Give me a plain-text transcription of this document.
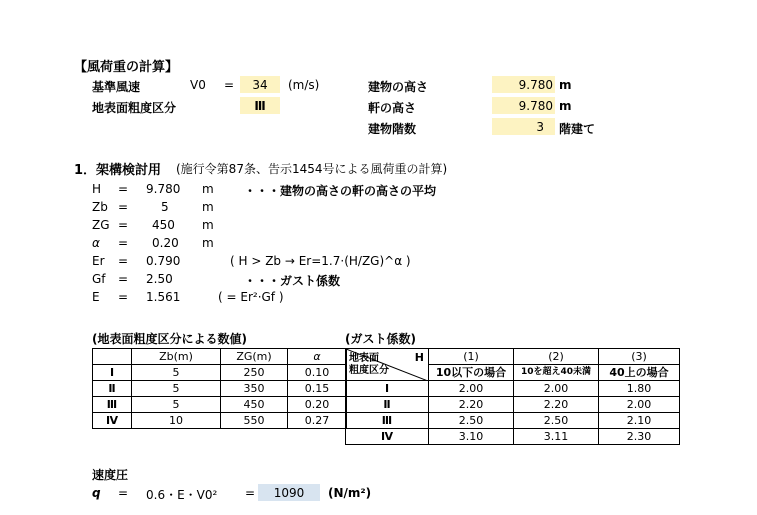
【風荷重の計算】
基準風速	V0 =	34	(m/s)
地表面粗度区分	Ⅲ
建物の高さ	9.780 m
軒の高さ	9.780 m
建物階数	3 階建て
1．架構検討用 (施行令第87条、告示1454号による風荷重の計算)
H = 9.780 m	・・・建物の高さの軒の高さの平均
Zb =	5	m
ZG = 450 m
α = 0.20 m
Er = 0.790	( H > Zb → Er=1.7·(H/ZG)^α )
Gf = 2.50	・・・ガスト係数
E = 1.561	( = Er²·Gf )
(地表面粗度区分による数値)
	Zb(m)	ZG(m)	α
Ⅰ	5	250	0.10
Ⅱ	5	350	0.15
Ⅲ	5	450	0.20
Ⅳ	10	550	0.27
(ガスト係数)
H
地表面
粗度区分	(1)	(2)	(3)
	10以下の場合	10を超え40未満	40上の場合
Ⅰ	2.00	2.00	1.80
Ⅱ	2.20	2.20	2.00
Ⅲ	2.50	2.50	2.10
Ⅳ	3.10	3.11	2.30
速度圧
q = 0.6・E・V0² =	1090	(N/m²)
